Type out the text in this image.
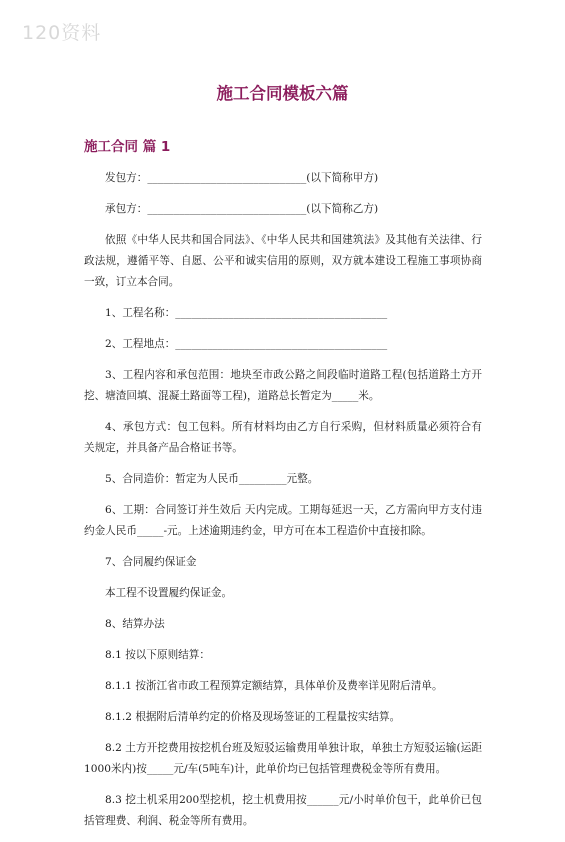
120资料
施工合同模板六篇
施工合同 篇 1

发包方：______________________________(以下简称甲方)

承包方：______________________________(以下简称乙方)

依照《中华人民共和国合同法》、《中华人民共和国建筑法》及其他有关法律、行政法规，遵循平等、自愿、公平和诚实信用的原则，双方就本建设工程施工事项协商一致，订立本合同。

1、工程名称：________________________________________

2、工程地点：________________________________________

3、工程内容和承包范围：地块至市政公路之间段临时道路工程(包括道路土方开挖、塘渣回填、混凝土路面等工程)，道路总长暂定为_____米。

4、承包方式：包工包料。所有材料均由乙方自行采购，但材料质量必须符合有关规定，并具备产品合格证书等。

5、合同造价：暂定为人民币_________元整。

6、工期：合同签订并生效后 天内完成。工期每延迟一天，乙方需向甲方支付违约金人民币_____-元。上述逾期违约金，甲方可在本工程造价中直接扣除。

7、合同履约保证金

本工程不设置履约保证金。

8、结算办法

8.1 按以下原则结算：

8.1.1 按浙江省市政工程预算定额结算，具体单价及费率详见附后清单。

8.1.2 根据附后清单约定的价格及现场签证的工程量按实结算。

8.2 土方开挖费用按挖机台班及短驳运输费用单独计取，单独土方短驳运输(运距1000米内)按_____元/车(5吨车)计，此单价均已包括管理费税金等所有费用。

8.3 挖土机采用200型挖机，挖土机费用按______元/小时单价包干，此单价已包括管理费、利润、税金等所有费用。
